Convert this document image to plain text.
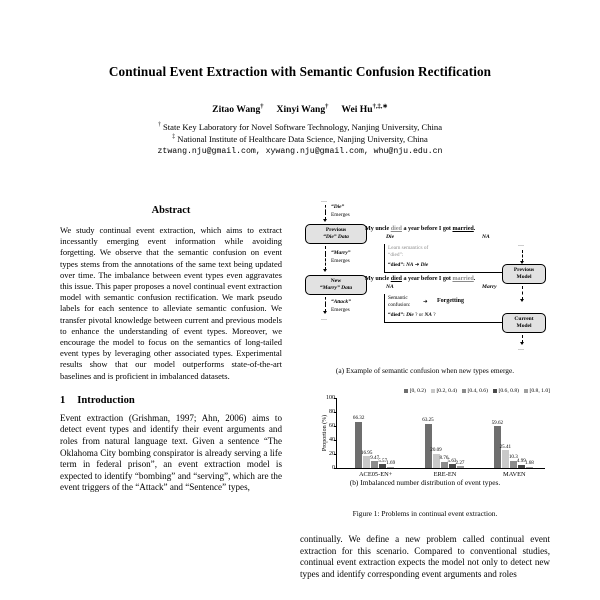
Continual Event Extraction with Semantic Confusion Rectification
Zitao Wang† Xinyi Wang† Wei Hu†,‡,∗
† State Key Laboratory for Novel Software Technology, Nanjing University, China
‡ National Institute of Healthcare Data Science, Nanjing University, China
ztwang.nju@gmail.com, xywang.nju@gmail.com, whu@nju.edu.cn
Abstract
We study continual event extraction, which aims to extract incessantly emerging event information while avoiding forgetting. We observe that the semantic confusion on event types stems from the annotations of the same text being updated over time. The imbalance between event types even aggravates this issue. This paper proposes a novel continual event extraction model with semantic confusion rectification. We mark pseudo labels for each sentence to alleviate semantic confusion. We transfer pivotal knowledge between current and previous models to enhance the understanding of event types. Moreover, we encourage the model to focus on the semantics of long-tailed event types by leveraging other associated types. Experimental results show that our model outperforms state-of-the-art baselines and is proficient in imbalanced datasets.
1 Introduction
Event extraction (Grishman, 1997; Ahn, 2006) aims to detect event types and identify their event arguments and roles from natural language text. Given a sentence “The Oklahoma City bombing conspirator is already serving a life term in federal prison”, an event extraction model is expected to identify “bombing” and “serving”, which are the event triggers of the “Attack” and “Sentence” types,
…
“Die”
Emerges
Previous
“Die” Data
“Marry”
Emerges
New
“Marry” Data
“Attack”
Emerges
…
My uncle died a year before I got married.
Die	NA
Learn semantics of
“died”:
“died”: NA ➜ Die
My uncle died a year before I got married.
NA	Marry
Semantic
confusion: ➜ Forgetting
“died”: Die ? or NA ?
…
Previous
Model
Current
Model
…
(a) Example of semantic confusion when new types emerge.
[0, 0.2) [0.2, 0.4) [0.4, 0.6) [0.6, 0.8) [0.8, 1.0]
Proportion (%)
0
20
40
60
80
100
66.32
16.95
9.47 5.57 1.69
ACE05-EN+
63.25
20.09
8.76 5.63 2.27
ERE-EN
59.62
25.41
10.3
4.99 1.68
MAVEN
(b) Imbalanced number distribution of event types.
Figure 1: Problems in continual event extraction.
continually. We define a new problem called continual event extraction for this scenario. Compared to conventional studies, continual event extraction expects the model not only to detect new types and identify corresponding event arguments and roles
